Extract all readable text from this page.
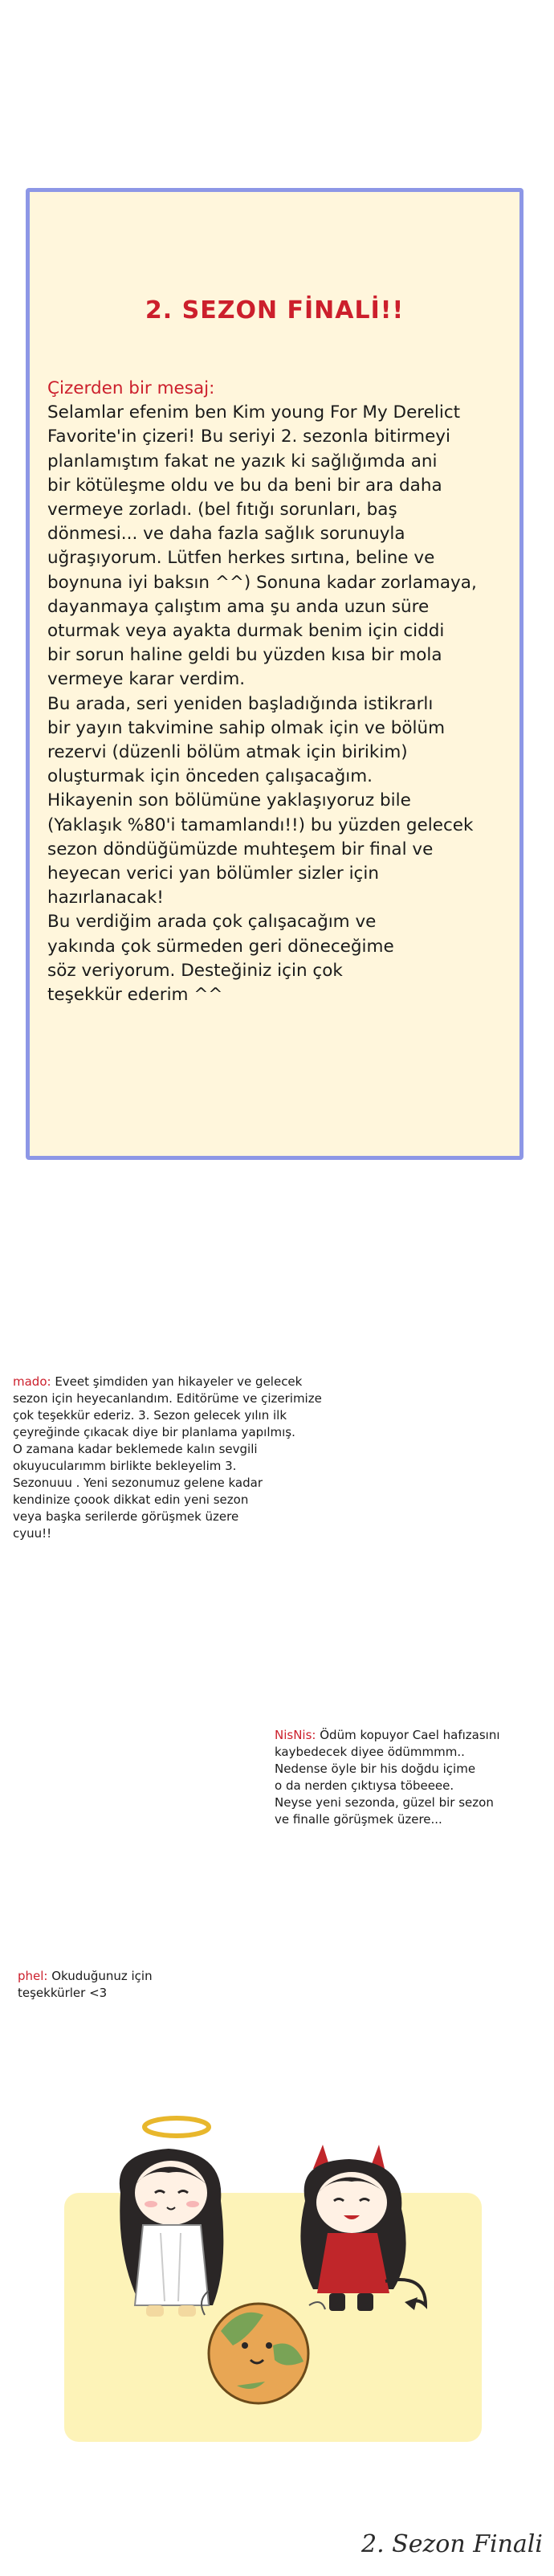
2. SEZON FİNALİ!!
Çizerden bir mesaj:
Selamlar efenim ben Kim young For My Derelict
Favorite'in çizeri! Bu seriyi 2. sezonla bitirmeyi
planlamıştım fakat ne yazık ki sağlığımda ani
bir kötüleşme oldu ve bu da beni bir ara daha
vermeye zorladı. (bel fıtığı sorunları, baş
dönmesi... ve daha fazla sağlık sorunuyla
uğraşıyorum. Lütfen herkes sırtına, beline ve
boynuna iyi baksın ^^) Sonuna kadar zorlamaya,
dayanmaya çalıştım ama şu anda uzun süre
oturmak veya ayakta durmak benim için ciddi
bir sorun haline geldi bu yüzden kısa bir mola
vermeye karar verdim.
Bu arada, seri yeniden başladığında istikrarlı
bir yayın takvimine sahip olmak için ve bölüm
rezervi (düzenli bölüm atmak için birikim)
oluşturmak için önceden çalışacağım.
Hikayenin son bölümüne yaklaşıyoruz bile
(Yaklaşık %80'i tamamlandı!!) bu yüzden gelecek
sezon döndüğümüzde muhteşem bir final ve
heyecan verici yan bölümler sizler için
hazırlanacak!
Bu verdiğim arada çok çalışacağım ve
yakında çok sürmeden geri döneceğime
söz veriyorum. Desteğiniz için çok
teşekkür ederim ^^
mado: Eveet şimdiden yan hikayeler ve gelecek
sezon için heyecanlandım. Editörüme ve çizerimize
çok teşekkür ederiz. 3. Sezon gelecek yılın ilk
çeyreğinde çıkacak diye bir planlama yapılmış.
O zamana kadar beklemede kalın sevgili
okuyucularımm birlikte bekleyelim 3.
Sezonuuu . Yeni sezonumuz gelene kadar
kendinize çoook dikkat edin yeni sezon
veya başka serilerde görüşmek üzere
cyuu!!
NisNis: Ödüm kopuyor Cael hafızasını
kaybedecek diyee ödümmmm..
Nedense öyle bir his doğdu içime
o da nerden çıktıysa töbeeee.
Neyse yeni sezonda, güzel bir sezon
ve finalle görüşmek üzere...
phel: Okuduğunuz için
teşekkürler <3
2. Sezon Finali
